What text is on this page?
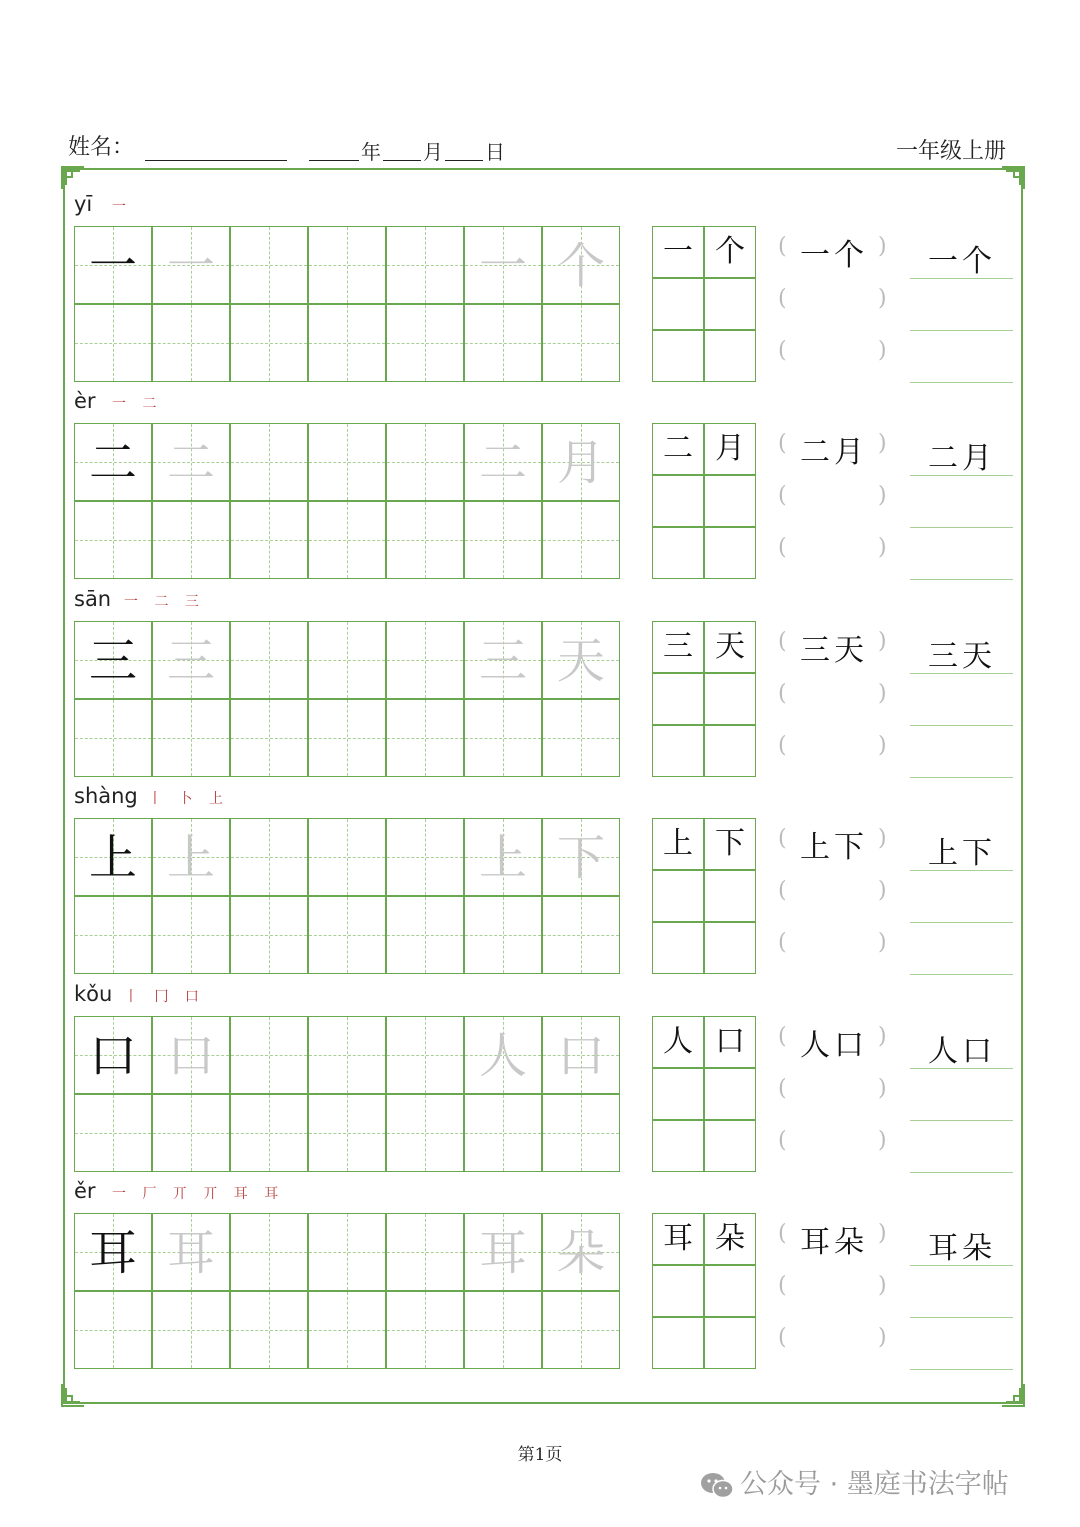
姓名：	年 月 日	一年级上册
yī 一
一 一	一 个	一 个	(	)
(	)
(	)
一个	一个
èr 一 二
二 二	二 月	二 月	(	)
(	)
(	)
二月	二月
sān 一 二 三
三 三	三 天	三 天	(	)
(	)
(	)
三天	三天
shàng 丨 卜 上
上 上	上 下	上 下	(	)
(	)
(	)
上下	上下
kǒu 丨 冂 口
口 口	人 口	人 口	(	)
(	)
(	)
人口	人口
ěr 一 厂 丌 丌 耳 耳
耳 耳	耳 朵	耳 朵	(	)
(	)
(	)
耳朵	耳朵
第1页
公众号 · 墨庭书法字帖
